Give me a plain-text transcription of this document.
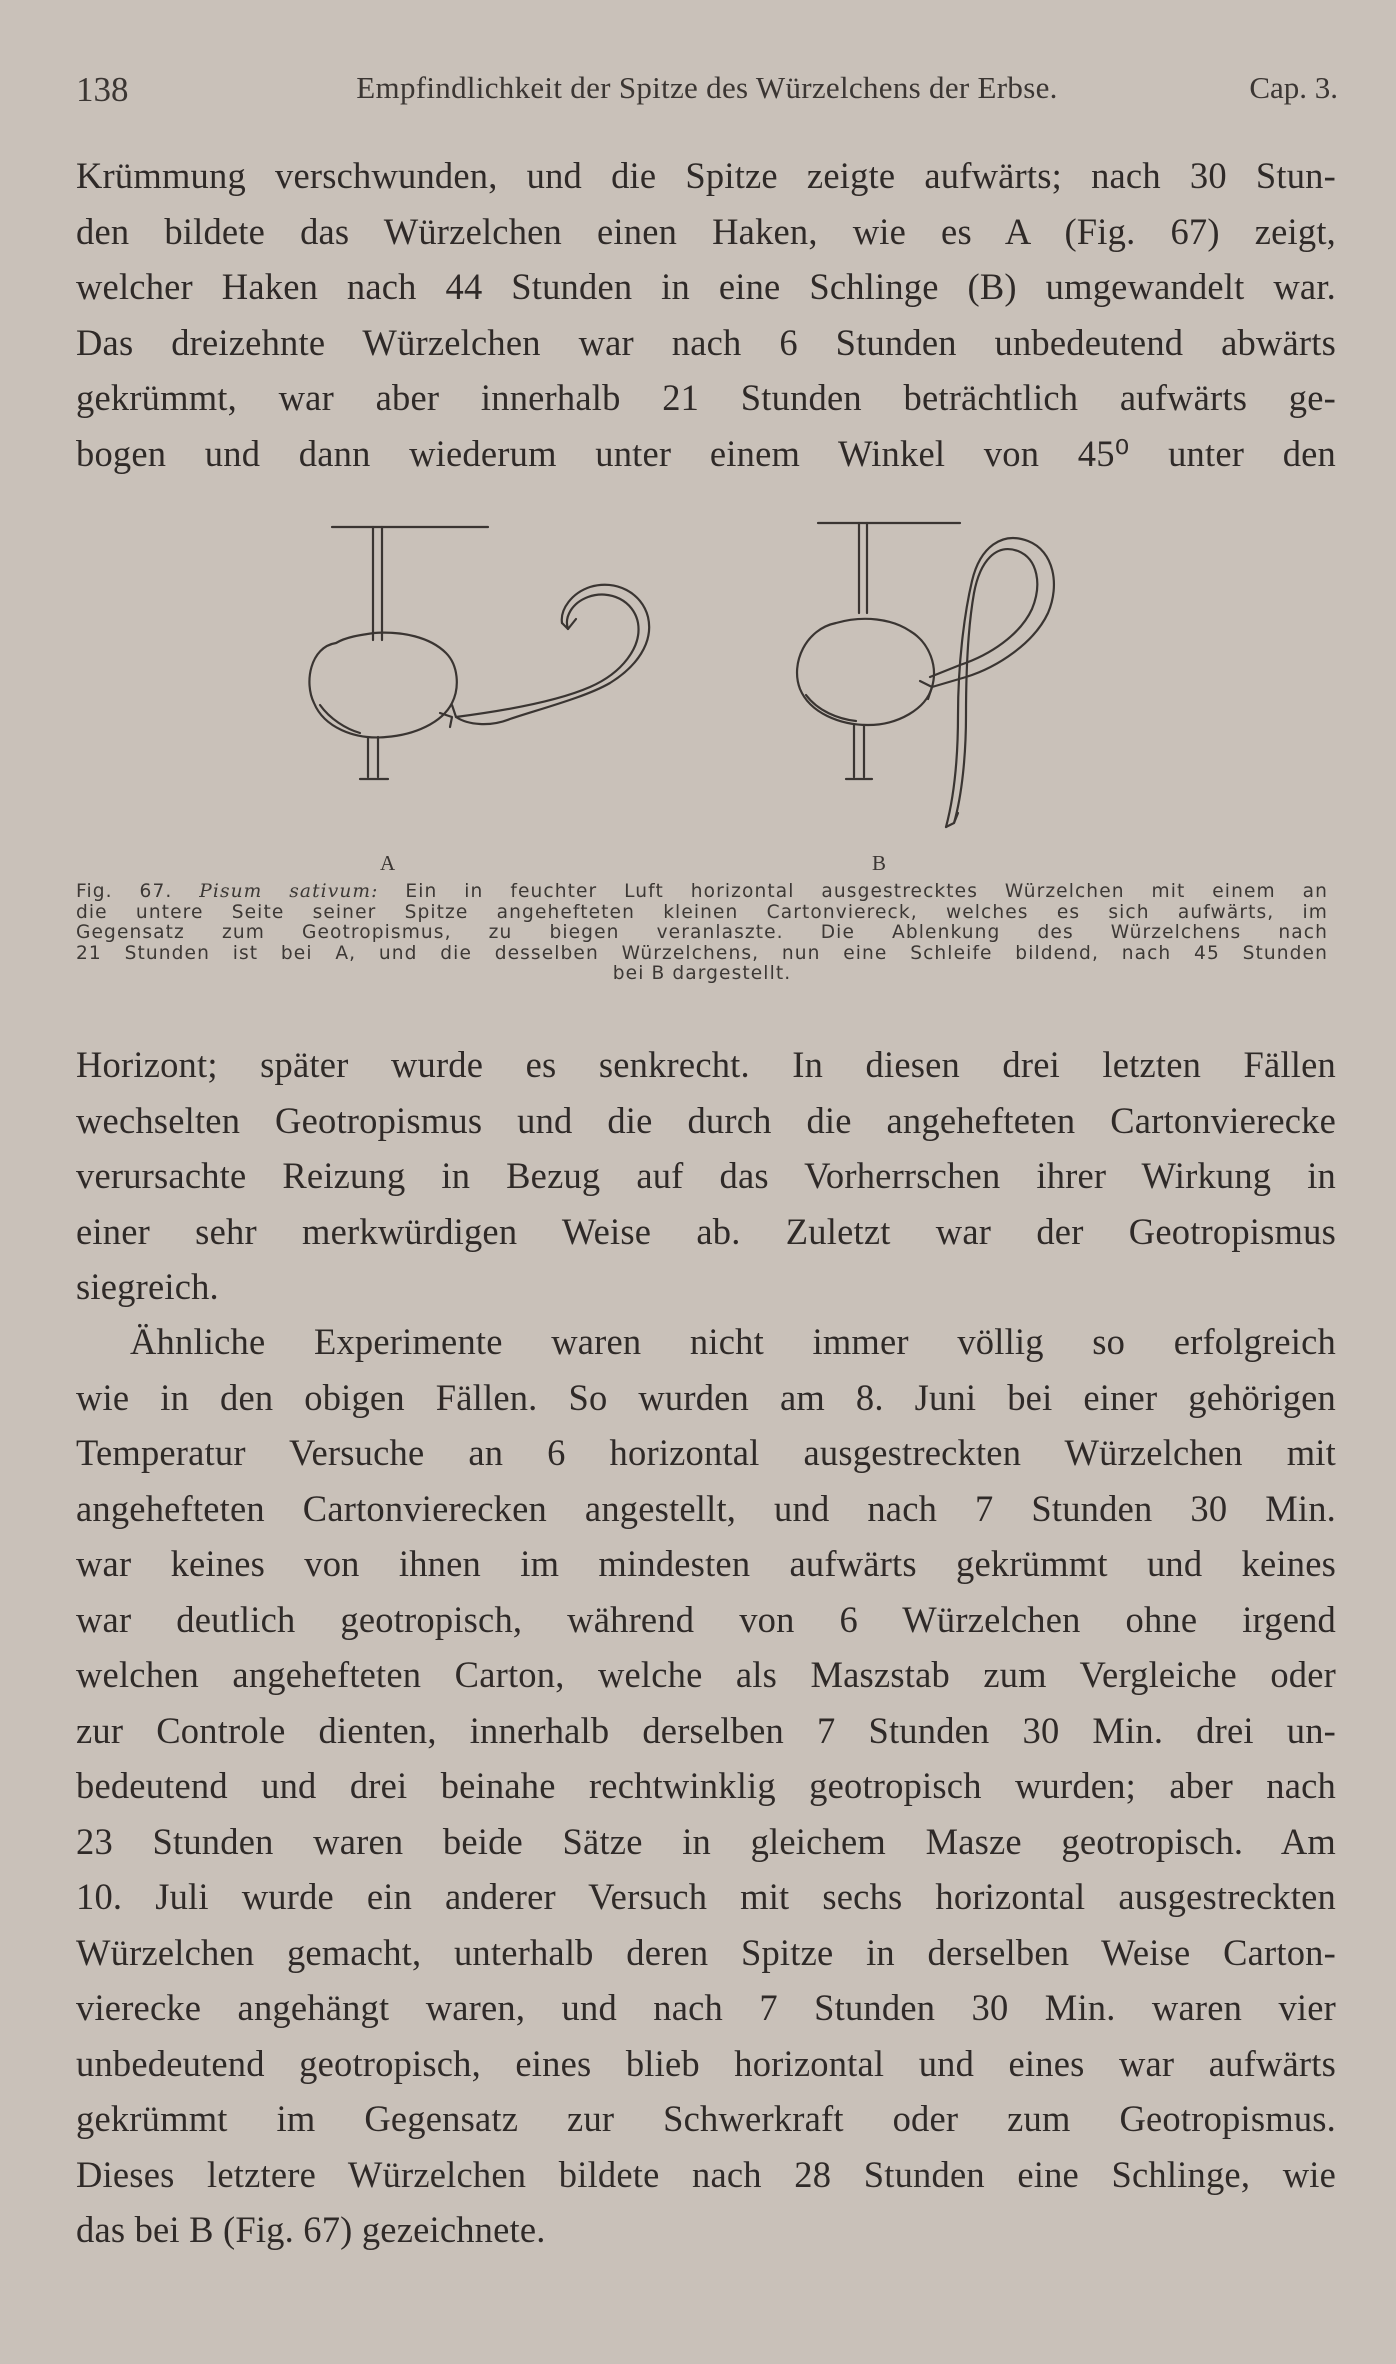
138	Empfindlichkeit der Spitze des Würzelchens der Erbse.	Cap. 3.
Krümmung verschwunden, und die Spitze zeigte aufwärts; nach 30 Stun-
den bildete das Würzelchen einen Haken, wie es A (Fig. 67) zeigt,
welcher Haken nach 44 Stunden in eine Schlinge (B) umgewandelt war.
Das dreizehnte Würzelchen war nach 6 Stunden unbedeutend abwärts
gekrümmt, war aber innerhalb 21 Stunden beträchtlich aufwärts ge-
bogen und dann wiederum unter einem Winkel von 45⁰ unter den
A	B
Fig. 67. Pisum sativum: Ein in feuchter Luft horizontal ausgestrecktes Würzelchen mit einem an
die untere Seite seiner Spitze angehefteten kleinen Cartonviereck, welches es sich aufwärts, im
Gegensatz zum Geotropismus, zu biegen veranlaszte. Die Ablenkung des Würzelchens nach
21 Stunden ist bei A, und die desselben Würzelchens, nun eine Schleife bildend, nach 45 Stunden
bei B dargestellt.
Horizont; später wurde es senkrecht. In diesen drei letzten Fällen
wechselten Geotropismus und die durch die angehefteten Cartonvierecke
verursachte Reizung in Bezug auf das Vorherrschen ihrer Wirkung in
einer sehr merkwürdigen Weise ab. Zuletzt war der Geotropismus
siegreich.
Ähnliche Experimente waren nicht immer völlig so erfolgreich
wie in den obigen Fällen. So wurden am 8. Juni bei einer gehörigen
Temperatur Versuche an 6 horizontal ausgestreckten Würzelchen mit
angehefteten Cartonvierecken angestellt, und nach 7 Stunden 30 Min.
war keines von ihnen im mindesten aufwärts gekrümmt und keines
war deutlich geotropisch, während von 6 Würzelchen ohne irgend
welchen angehefteten Carton, welche als Maszstab zum Vergleiche oder
zur Controle dienten, innerhalb derselben 7 Stunden 30 Min. drei un-
bedeutend und drei beinahe rechtwinklig geotropisch wurden; aber nach
23 Stunden waren beide Sätze in gleichem Masze geotropisch. Am
10. Juli wurde ein anderer Versuch mit sechs horizontal ausgestreckten
Würzelchen gemacht, unterhalb deren Spitze in derselben Weise Carton-
vierecke angehängt waren, und nach 7 Stunden 30 Min. waren vier
unbedeutend geotropisch, eines blieb horizontal und eines war aufwärts
gekrümmt im Gegensatz zur Schwerkraft oder zum Geotropismus.
Dieses letztere Würzelchen bildete nach 28 Stunden eine Schlinge, wie
das bei B (Fig. 67) gezeichnete.
